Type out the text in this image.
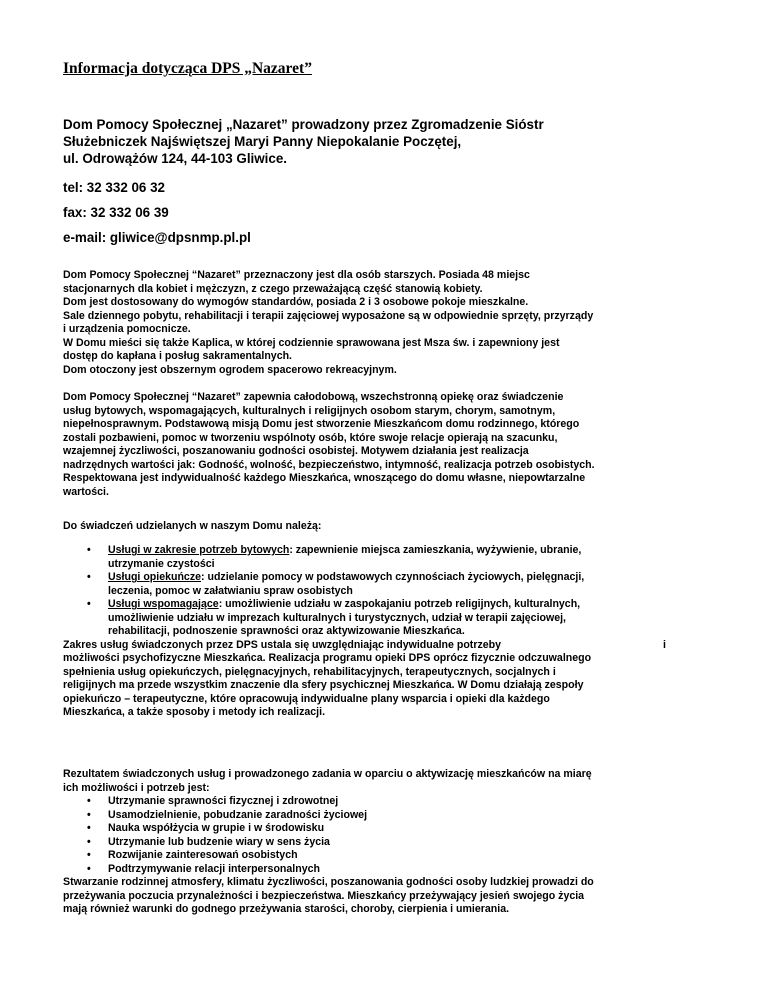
Informacja dotycząca DPS „Nazaret”
Dom Pomocy Społecznej „Nazaret” prowadzony przez Zgromadzenie Sióstr
Służebniczek Najświętszej Maryi Panny Niepokalanie Poczętej,
ul. Odrowążów 124, 44-103 Gliwice.
tel: 32 332 06 32
fax: 32 332 06 39
e-mail: gliwice@dpsnmp.pl.pl
Dom Pomocy Społecznej “Nazaret” przeznaczony jest dla osób starszych. Posiada 48 miejsc
stacjonarnych dla kobiet i mężczyzn, z czego przeważającą część stanowią kobiety.
Dom jest dostosowany do wymogów standardów, posiada 2 i 3 osobowe pokoje mieszkalne.
Sale dziennego pobytu, rehabilitacji i terapii zajęciowej wyposażone są w odpowiednie sprzęty, przyrządy
i urządzenia pomocnicze.
W Domu mieści się także Kaplica, w której codziennie sprawowana jest Msza św. i zapewniony jest
dostęp do kapłana i posług sakramentalnych.
Dom otoczony jest obszernym ogrodem spacerowo rekreacyjnym.
Dom Pomocy Społecznej “Nazaret” zapewnia całodobową, wszechstronną opiekę oraz świadczenie
usług bytowych, wspomagających, kulturalnych i religijnych osobom starym, chorym, samotnym,
niepełnosprawnym. Podstawową misją Domu jest stworzenie Mieszkańcom domu rodzinnego, którego
zostali pozbawieni, pomoc w tworzeniu wspólnoty osób, które swoje relacje opierają na szacunku,
wzajemnej życzliwości, poszanowaniu godności osobistej. Motywem działania jest realizacja
nadrzędnych wartości jak: Godność, wolność, bezpieczeństwo, intymność, realizacja potrzeb osobistych.
Respektowana jest indywidualność każdego Mieszkańca, wnoszącego do domu własne, niepowtarzalne
wartości.
Do świadczeń udzielanych w naszym Domu należą:
• Usługi w zakresie potrzeb bytowych: zapewnienie miejsca zamieszkania, wyżywienie, ubranie,
utrzymanie czystości
• Usługi opiekuńcze: udzielanie pomocy w podstawowych czynnościach życiowych, pielęgnacji,
leczenia, pomoc w załatwianiu spraw osobistych
• Usługi wspomagające: umożliwienie udziału w zaspokajaniu potrzeb religijnych, kulturalnych,
umożliwienie udziału w imprezach kulturalnych i turystycznych, udział w terapii zajęciowej,
rehabilitacji, podnoszenie sprawności oraz aktywizowanie Mieszkańca.
Zakres usług świadczonych przez DPS ustala się uwzględniając indywidualne potrzeby	i
możliwości psychofizyczne Mieszkańca. Realizacja programu opieki DPS oprócz fizycznie odczuwalnego
spełnienia usług opiekuńczych, pielęgnacyjnych, rehabilitacyjnych, terapeutycznych, socjalnych i
religijnych ma przede wszystkim znaczenie dla sfery psychicznej Mieszkańca. W Domu działają zespoły
opiekuńczo – terapeutyczne, które opracowują indywidualne plany wsparcia i opieki dla każdego
Mieszkańca, a także sposoby i metody ich realizacji.
Rezultatem świadczonych usług i prowadzonego zadania w oparciu o aktywizację mieszkańców na miarę
ich możliwości i potrzeb jest:
• Utrzymanie sprawności fizycznej i zdrowotnej
• Usamodzielnienie, pobudzanie zaradności życiowej
• Nauka współżycia w grupie i w środowisku
• Utrzymanie lub budzenie wiary w sens życia
• Rozwijanie zainteresowań osobistych
• Podtrzymywanie relacji interpersonalnych
Stwarzanie rodzinnej atmosfery, klimatu życzliwości, poszanowania godności osoby ludzkiej prowadzi do
przeżywania poczucia przynależności i bezpieczeństwa. Mieszkańcy przeżywający jesień swojego życia
mają również warunki do godnego przeżywania starości, choroby, cierpienia i umierania.
